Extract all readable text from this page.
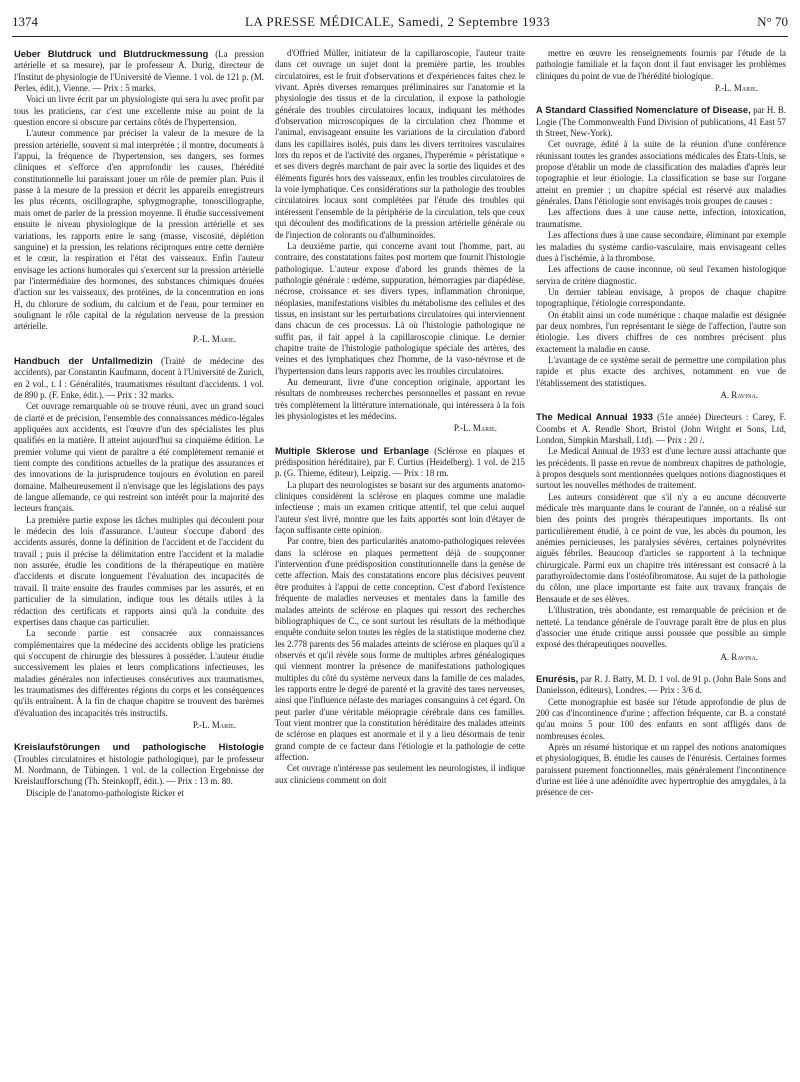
1374	LA PRESSE MÉDICALE, Samedi, 2 Septembre 1933	N° 70

Ueber Blutdruck und Blutdruckmessung (La pression artérielle et sa mesure), par le professeur A. Durig, directeur de l'Institut de physiologie de l'Université de Vienne. 1 vol. de 121 p. (M. Perles, édit.), Vienne. — Prix : 5 marks.

Voici un livre écrit par un physiologiste qui sera lu avec profit par tous les praticiens, car c'est une excellente mise au point de la question encore si obscure par certains côtés de l'hypertension.

L'auteur commence par préciser la valeur de la mesure de la pression artérielle, souvent si mal interprétée ; il montre, documents à l'appui, la fréquence de l'hypertension, ses dangers, ses formes cliniques et s'efforce d'en approfondir les causes, l'hérédité constitutionnelle lui paraissant jouer un rôle de premier plan. Puis il passe à la mesure de la pression et décrit les appareils enregistreurs les plus récents, oscillographe, sphygmographe, tonoscillographe, mais omet de parler de la pression moyenne. Il étudie successivement ensuite le niveau physiologique de la pression artérielle et ses variations, les rapports entre le sang (masse, viscosité, déplétion sanguine) et la pression, les relations réciproques entre cette dernière et le cœur, la respiration et l'état des vaisseaux. Enfin l'auteur envisage les actions humorales qui s'exercent sur la pression artérielle par l'intermédiaire des hormones, des substances chimiques douées d'action sur les vaisseaux, des protéines, de la concentration en ions H, du chlorure de sodium, du calcium et de l'eau, pour terminer en soulignant le rôle capital de la régulation nerveuse de la pression artérielle.

P.-L. Marie.

Handbuch der Unfallmedizin (Traité de médecine des accidents), par Constantin Kaufmann, docent à l'Université de Zurich, en 2 vol., t. I : Généralités, traumatismes résultant d'accidents. 1 vol. de 890 p. (F. Enke, édit.). — Prix : 32 marks.

Cet ouvrage remarquable où se trouve réuni, avec un grand souci de clarté et de précision, l'ensemble des connaissances médico-légales appliquées aux accidents, est l'œuvre d'un des spécialistes les plus qualifiés en la matière. Il atteint aujourd'hui sa cinquième édition. Le premier volume qui vient de paraître a été complètement remanié et tient compte des conditions actuelles de la pratique des assurances et des innovations de la jurisprudence toujours en évolution en pareil domaine. Malheureusement il n'envisage que les législations des pays de langue allemande, ce qui restreint son intérêt pour la majorité des lecteurs français.

La première partie expose les tâches multiples qui découlent pour le médecin des lois d'assurance. L'auteur s'occupe d'abord des accidents assurés, donne la définition de l'accident et de l'accident du travail ; puis il précise la délimitation entre l'accident et la maladie non assurée, étudie les conditions de la thérapeutique en matière d'accidents et discute longuement l'évaluation des incapacités de travail. Il traite ensuite des fraudes commises par les assurés, et en particulier de la simulation, indique tous les détails utiles à la rédaction des certificats et rapports ainsi qu'à la conduite des expertises dans chaque cas particulier.

La seconde partie est consacrée aux connaissances complémentaires que la médecine des accidents oblige les praticiens qui s'occupent de chirurgie des blessures à posséder. L'auteur étudie successivement les plaies et leurs complications infectieuses, les maladies générales non infectieuses consécutives aux traumatismes, les traumatismes des différentes régions du corps et les conséquences qu'ils entraînent. À la fin de chaque chapitre se trouvent des barèmes d'évaluation des incapacités très instructifs.

P.-L. Marie.

Kreislaufstörungen und pathologische Histologie (Troubles circulatoires et histologie pathologique), par le professeur M. Nordmann, de Tübingen. 1 vol. de la collection Ergebnisse der Kreislaufforschung (Th. Steinkopff, édit.). — Prix : 13 m. 80.

Disciple de l'anatomo-pathologiste Ricker et

d'Offried Müller, initiateur de la capillaroscopie, l'auteur traite dans cet ouvrage un sujet dont la première partie, les troubles circulatoires, est le fruit d'observations et d'expériences faites chez le vivant. Après diverses remarques préliminaires sur l'anatomie et la physiologie des tissus et de la circulation, il expose la pathologie générale des troubles circulatoires locaux, indiquant les méthodes d'observation microscopiques de la circulation chez l'homme et l'animal, envisageant ensuite les variations de la circulation d'abord dans les capillaires isolés, puis dans les divers territoires vasculaires lors du repos et de l'activité des organes, l'hyperémie « péristatique » et ses divers degrés marchant de pair avec la sortie des liquides et des éléments figurés hors des vaisseaux, enfin les troubles circulatoires de la voie lymphatique. Ces considérations sur la pathologie des troubles circulatoires locaux sont complétées par l'étude des troubles qui intéressent l'ensemble de la périphérie de la circulation, tels que ceux qui découlent des modifications de la pression artérielle générale ou de l'injection de colorants ou d'albuminoïdes.

La deuxième partie, qui concerne avant tout l'homme, part, au contraire, des constatations faites post mortem que fournit l'histologie pathologique. L'auteur expose d'abord les grands thèmes de la pathologie générale : œdème, suppuration, hémorragies par diapédèse, nécrose, croissance et ses divers types, inflammation chronique, néoplasies, manifestations visibles du métabolisme des cellules et des tissus, en insistant sur les perturbations circulatoires qui interviennent dans chacun de ces processus. Là où l'histologie pathologique ne suffit pas, il fait appel à la capillaroscopie clinique. Le dernier chapitre traite de l'histologie pathologique spéciale des artères, des veines et des lymphatiques chez l'homme, de la vaso-névrose et de l'hypertension dans leurs rapports avec les troubles circulatoires.

Au demeurant, livre d'une conception originale, apportant les résultats de nombreuses recherches personnelles et passant en revue très complètement la littérature internationale, qui intéressera à la fois les physiologistes et les médecins.

P.-L. Marie.

Multiple Sklerose und Erbanlage (Sclérose en plaques et prédisposition héréditaire), par F. Curtius (Heidelberg). 1 vol. de 215 p. (G. Thieme, éditeur), Leipzig. — Prix : 18 rm.

La plupart des neurologistes se basant sur des arguments anatomo-cliniques considèrent la sclérose en plaques comme une maladie infectieuse ; mais un examen critique attentif, tel que celui auquel l'auteur s'est livré, montre que les faits apportés sont loin d'étayer de façon suffisante cette opinion.

Par contre, bien des particularités anatomo-pathologiques relevées dans la sclérose en plaques permettent déjà de soupçonner l'intervention d'une prédisposition constitutionnelle dans la genèse de cette affection. Mais des constatations encore plus décisives peuvent être produites à l'appui de cette conception. C'est d'abord l'existence fréquente de maladies nerveuses et mentales dans la famille des malades atteints de sclérose en plaques qui ressort des recherches bibliographiques de C., ce sont surtout les résultats de la méthodique enquête conduite selon toutes les règles de la statistique moderne chez les 2.778 parents des 56 malades atteints de sclérose en plaques qu'il a observés et qu'il révèle sous forme de multiples arbres généalogiques qui viennent montrer la présence de manifestations pathologiques multiples du côté du système nerveux dans la famille de ces malades, les rapports entre le degré de parenté et la gravité des tares nerveuses, ainsi que l'influence néfaste des mariages consanguins à cet égard. On peut parler d'une véritable méiopragie cérébrale dans ces familles. Tout vient montrer que la constitution héréditaire des malades atteints de sclérose en plaques est anormale et il y a lieu désormais de tenir grand compte de ce facteur dans l'étiologie et la pathologie de cette affection.

Cet ouvrage n'intéresse pas seulement les neurologistes, il indique aux cliniciens comment on doit

mettre en œuvre les renseignements fournis par l'étude de la pathologie familiale et la façon dont il faut envisager les problèmes cliniques du point de vue de l'hérédité biologique.

P.-L. Marie.

A Standard Classified Nomenclature of Disease, par H. B. Logie (The Commonwealth Fund Division of publications, 41 East 57 th Street, New-York).

Cet ouvrage, édité à la suite de la réunion d'une conférence réunissant toutes les grandes associations médicales des États-Unis, se propose d'établir un mode de classification des maladies d'après leur topographie et leur étiologie. La classification se base sur l'organe atteint en premier ; un chapitre spécial est réservé aux maladies générales. Dans l'étiologie sont envisagés trois groupes de causes :

Les affections dues à une cause nette, infection, intoxication, traumatisme.

Les affections dues à une cause secondaire, éliminant par exemple les maladies du système cardio-vasculaire, mais envisageant celles dues à l'ischémie, à la thrombose.

Les affections de cause inconnue, où seul l'examen histologique servira de critère diagnostic.

Un dernier tableau envisage, à propos de chaque chapitre topographique, l'étiologie correspondante.

On établit ainsi un code numérique : chaque maladie est désignée par deux nombres, l'un représentant le siège de l'affection, l'autre son étiologie. Les divers chiffres de ces nombres précisent plus exactement la maladie en cause.

L'avantage de ce système serait de permettre une compilation plus rapide et plus exacte des archives, notamment en vue de l'établissement des statistiques.

A. Ravina.

The Medical Annual 1933 (51e année) Directeurs : Carey, F. Coombs et A. Rendle Short, Bristol (John Wright et Sons, Ltd, London, Simpkin Marshall, Ltd). — Prix : 20 /.

Le Medical Annual de 1933 est d'une lecture aussi attachante que les précédents. Il passe en revue de nombreux chapitres de pathologie, à propos desquels sont mentionnées quelques notions diagnostiques et surtout les nouvelles méthodes de traitement.

Les auteurs considèrent que s'il n'y a eu aucune découverte médicale très marquante dans le courant de l'année, on a réalisé sur bien des points des progrès thérapeutiques importants. Ils ont particulièrement étudié, à ce point de vue, les abcès du poumon, les anémies pernicieuses, les paralysies sévères, certaines polynévrites aiguës fébriles. Beaucoup d'articles se rapportent à la technique chirurgicale. Parmi eux un chapitre très intéressant est consacré à la parathyroïdectomie dans l'ostéofibromatose. Au sujet de la pathologie du côlon, une place importante est faite aux travaux français de Bensaude et de ses élèves.

L'illustration, très abondante, est remarquable de précision et de netteté. La tendance générale de l'ouvrage paraît être de plus en plus d'associer une étude critique aussi poussée que possible au simple exposé des thérapeutiques nouvelles.

A. Ravina.

Enurésis, par R. J. Batty, M. D. 1 vol. de 91 p. (John Bale Sons and Danielsson, éditeurs), Londres. — Prix : 3/6 d.

Cette monographie est basée sur l'étude approfondie de plus de 200 cas d'incontinence d'urine ; affection fréquente, car B. a constaté qu'au moins 5 pour 100 des enfants en sont affligés dans de nombreuses écoles.

Après un résumé historique et un rappel des notions anatomiques et physiologiques, B. étudie les causes de l'énurésis. Certaines formes paraissent purement fonctionnelles, mais généralement l'incontinence d'urine est liée à une adénoïdite avec hypertrophie des amygdales, à la présence de cer-
